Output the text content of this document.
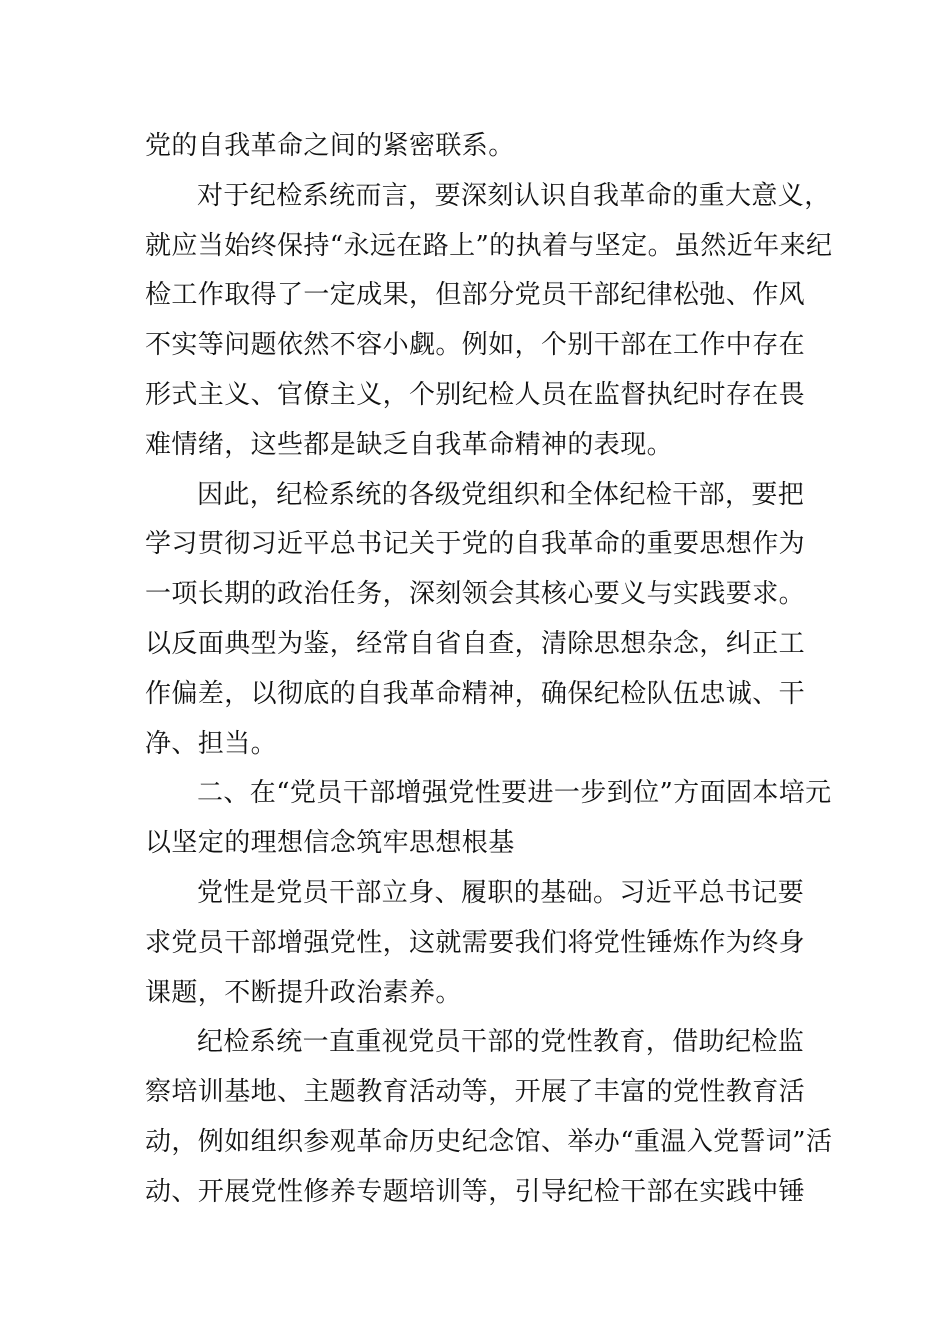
党的自我革命之间的紧密联系。
对于纪检系统而言，要深刻认识自我革命的重大意义，
就应当始终保持“永远在路上”的执着与坚定。虽然近年来纪
检工作取得了一定成果，但部分党员干部纪律松弛、作风
不实等问题依然不容小觑。例如，个别干部在工作中存在
形式主义、官僚主义，个别纪检人员在监督执纪时存在畏
难情绪，这些都是缺乏自我革命精神的表现。
因此，纪检系统的各级党组织和全体纪检干部，要把
学习贯彻习近平总书记关于党的自我革命的重要思想作为
一项长期的政治任务，深刻领会其核心要义与实践要求。
以反面典型为鉴，经常自省自查，清除思想杂念，纠正工
作偏差，以彻底的自我革命精神，确保纪检队伍忠诚、干
净、担当。
二、在“党员干部增强党性要进一步到位”方面固本培元
以坚定的理想信念筑牢思想根基
党性是党员干部立身、履职的基础。习近平总书记要
求党员干部增强党性，这就需要我们将党性锤炼作为终身
课题，不断提升政治素养。
纪检系统一直重视党员干部的党性教育，借助纪检监
察培训基地、主题教育活动等，开展了丰富的党性教育活
动，例如组织参观革命历史纪念馆、举办“重温入党誓词”活
动、开展党性修养专题培训等，引导纪检干部在实践中锤
